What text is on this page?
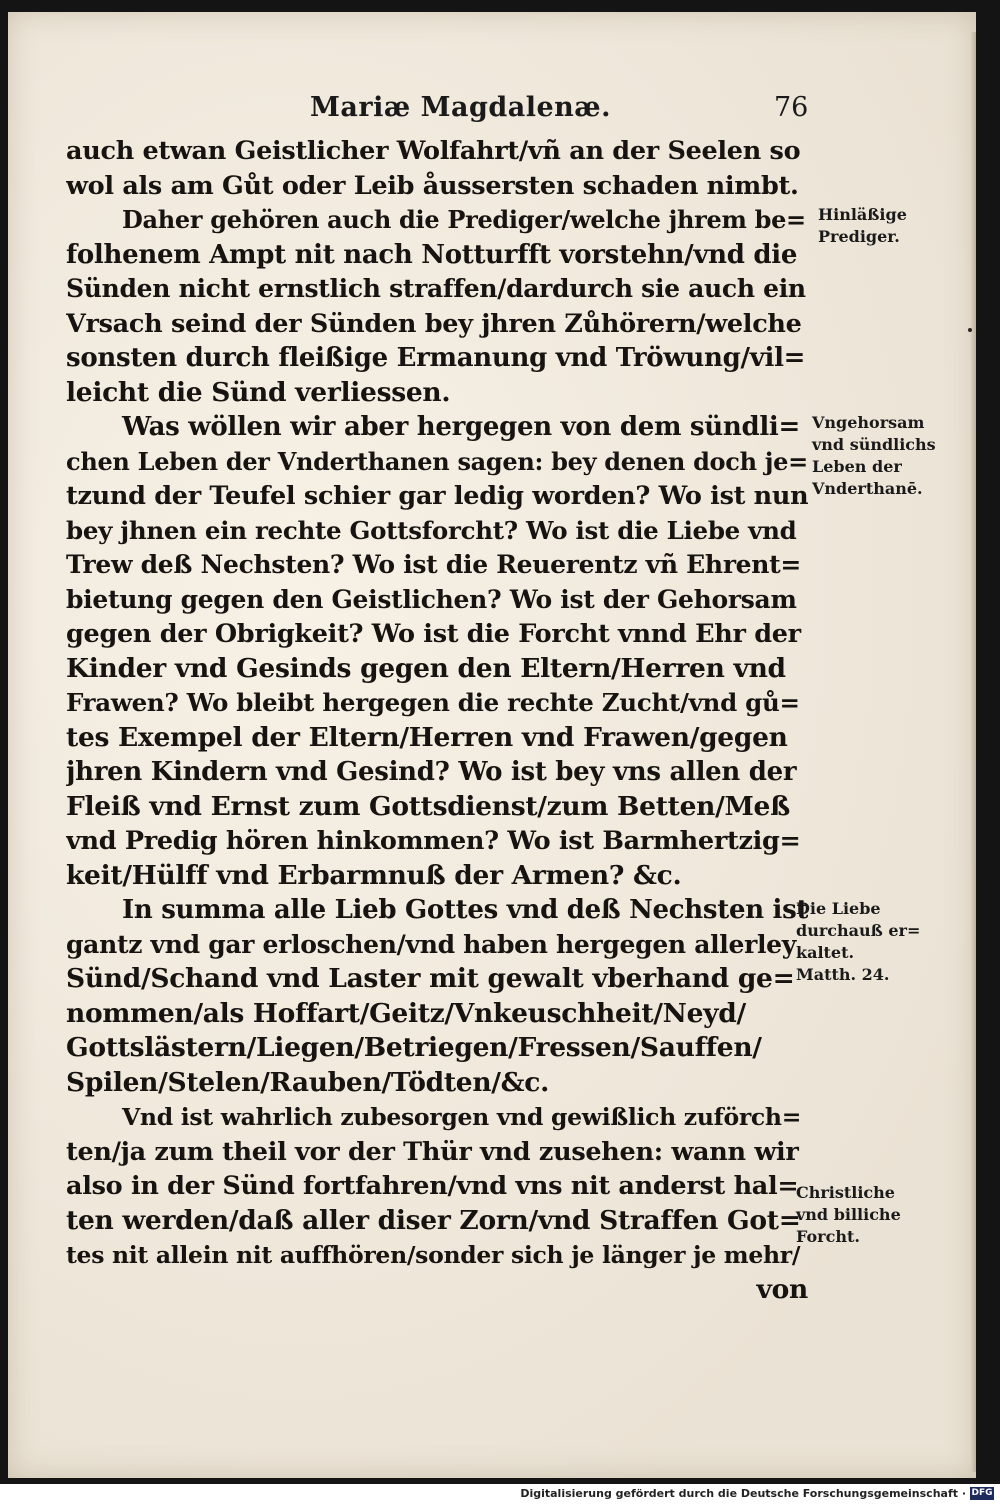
Mariæ Magdalenæ.	76
auch etwan Geistlicher Wolfahrt/vñ an der Seelen so
wol als am Gůt oder Leib åussersten schaden nimbt.
Daher gehören auch die Prediger/welche jhrem be=
folhenem Ampt nit nach Notturfft vorstehn/vnd die
Sünden nicht ernstlich straffen/dardurch sie auch ein
Vrsach seind der Sünden bey jhren Zůhörern/welche
sonsten durch fleißige Ermanung vnd Tröwung/vil=
leicht die Sünd verliessen.
Was wöllen wir aber hergegen von dem sündli=
chen Leben der Vnderthanen sagen: bey denen doch je=
tzund der Teufel schier gar ledig worden? Wo ist nun
bey jhnen ein rechte Gottsforcht? Wo ist die Liebe vnd
Trew deß Nechsten? Wo ist die Reuerentz vñ Ehrent=
bietung gegen den Geistlichen? Wo ist der Gehorsam
gegen der Obrigkeit? Wo ist die Forcht vnnd Ehr der
Kinder vnd Gesinds gegen den Eltern/Herren vnd
Frawen? Wo bleibt hergegen die rechte Zucht/vnd gů=
tes Exempel der Eltern/Herren vnd Frawen/gegen
jhren Kindern vnd Gesind? Wo ist bey vns allen der
Fleiß vnd Ernst zum Gottsdienst/zum Betten/Meß
vnd Predig hören hinkommen? Wo ist Barmhertzig=
keit/Hülff vnd Erbarmnuß der Armen? &c.
In summa alle Lieb Gottes vnd deß Nechsten ist
gantz vnd gar erloschen/vnd haben hergegen allerley
Sünd/Schand vnd Laster mit gewalt vberhand ge=
nommen/als Hoffart/Geitz/Vnkeuschheit/Neyd/
Gottslästern/Liegen/Betriegen/Fressen/Sauffen/
Spilen/Stelen/Rauben/Tödten/&c.
Vnd ist wahrlich zubesorgen vnd gewißlich zuförch=
ten/ja zum theil vor der Thür vnd zusehen: wann wir
also in der Sünd fortfahren/vnd vns nit anderst hal=
ten werden/daß aller diser Zorn/vnd Straffen Got=
tes nit allein nit auffhören/sonder sich je länger je mehr/
von
Hinläßige
Prediger.
Vngehorsam
vnd sündlichs
Leben der
Vnderthanē.
Die Liebe
durchauß er=
kaltet.
Matth. 24.
Christliche
vnd billiche
Forcht.
Digitalisierung gefördert durch die Deutsche Forschungsgemeinschaft · DFG
